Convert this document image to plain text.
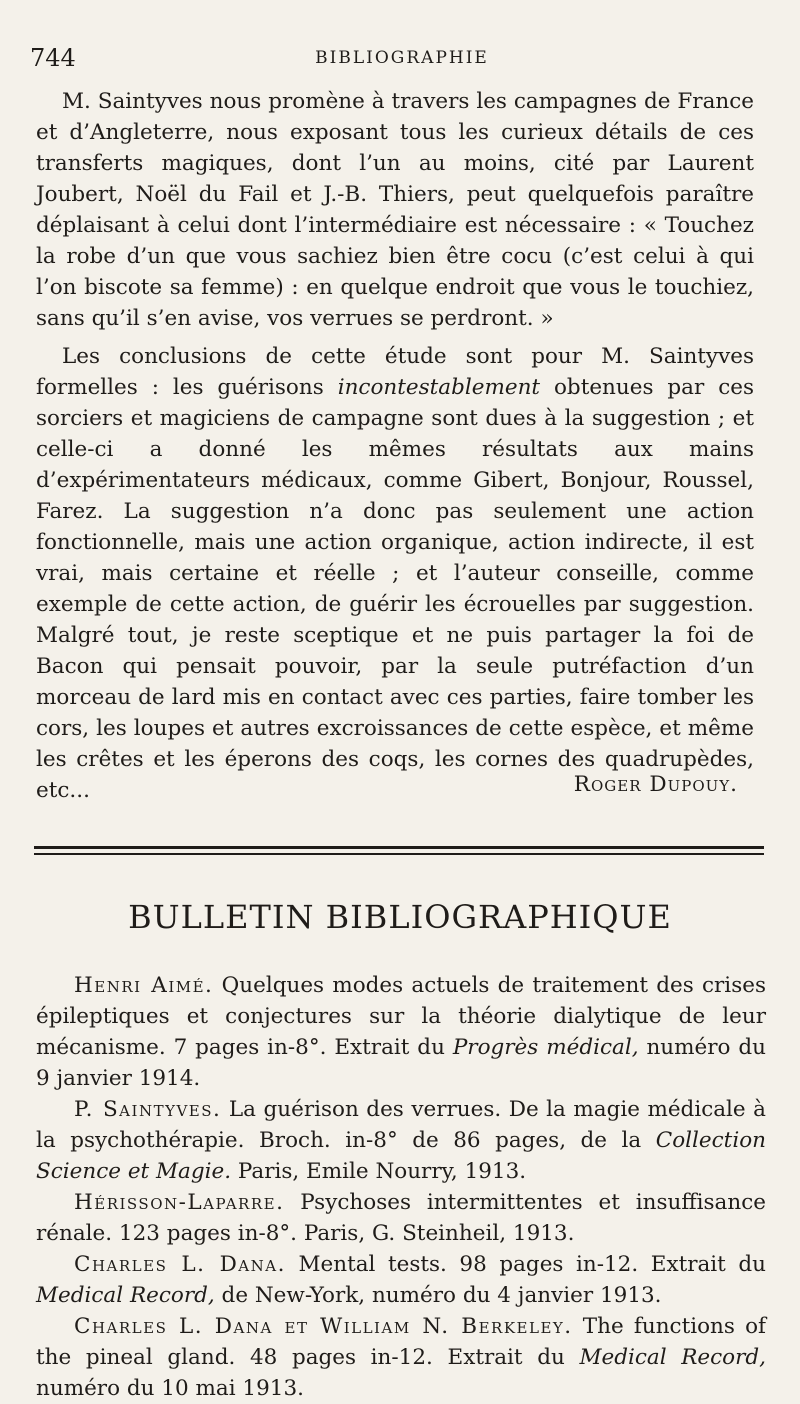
744	BIBLIOGRAPHIE

M. Saintyves nous promène à travers les campagnes de France et d’Angleterre, nous exposant tous les curieux détails de ces transferts magiques, dont l’un au moins, cité par Laurent Joubert, Noël du Fail et J.-B. Thiers, peut quelquefois paraître déplaisant à celui dont l’intermédiaire est nécessaire : « Touchez la robe d’un que vous sachiez bien être cocu (c’est celui à qui l’on biscote sa femme) : en quelque endroit que vous le touchiez, sans qu’il s’en avise, vos verrues se perdront. »

Les conclusions de cette étude sont pour M. Saintyves formelles : les guérisons incontestablement obtenues par ces sorciers et magiciens de campagne sont dues à la suggestion ; et celle-ci a donné les mêmes résultats aux mains d’expérimentateurs médicaux, comme Gibert, Bonjour, Roussel, Farez. La suggestion n’a donc pas seulement une action fonctionnelle, mais une action organique, action indirecte, il est vrai, mais certaine et réelle ; et l’auteur conseille, comme exemple de cette action, de guérir les écrouelles par suggestion. Malgré tout, je reste sceptique et ne puis partager la foi de Bacon qui pensait pouvoir, par la seule putréfaction d’un morceau de lard mis en contact avec ces parties, faire tomber les cors, les loupes et autres excroissances de cette espèce, et même les crêtes et les éperons des coqs, les cornes des quadrupèdes, etc...	Roger Dupouy.
BULLETIN BIBLIOGRAPHIQUE

Henri Aimé. Quelques modes actuels de traitement des crises épileptiques et conjectures sur la théorie dialytique de leur mécanisme. 7 pages in-8°. Extrait du Progrès médical, numéro du 9 janvier 1914.

P. Saintyves. La guérison des verrues. De la magie médicale à la psychothérapie. Broch. in-8° de 86 pages, de la Collection Science et Magie. Paris, Emile Nourry, 1913.

Hérisson-Laparre. Psychoses intermittentes et insuffisance rénale. 123 pages in-8°. Paris, G. Steinheil, 1913.

Charles L. Dana. Mental tests. 98 pages in-12. Extrait du Medical Record, de New-York, numéro du 4 janvier 1913.

Charles L. Dana et William N. Berkeley. The functions of the pineal gland. 48 pages in-12. Extrait du Medical Record, numéro du 10 mai 1913.
